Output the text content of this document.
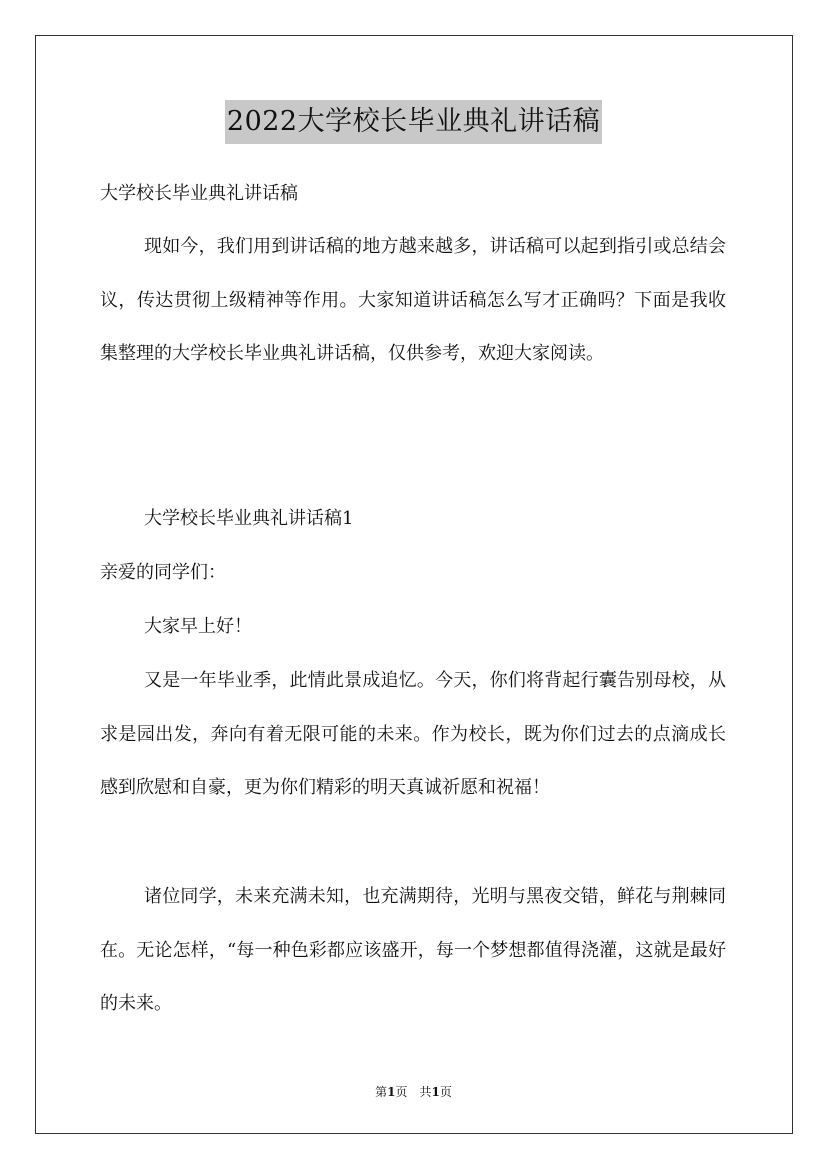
2022大学校长毕业典礼讲话稿
大学校长毕业典礼讲话稿

现如今，我们用到讲话稿的地方越来越多，讲话稿可以起到指引或总结会议，传达贯彻上级精神等作用。大家知道讲话稿怎么写才正确吗？下面是我收集整理的大学校长毕业典礼讲话稿，仅供参考，欢迎大家阅读。

大学校长毕业典礼讲话稿1
亲爱的同学们：
大家早上好！

又是一年毕业季，此情此景成追忆。今天，你们将背起行囊告别母校，从求是园出发，奔向有着无限可能的未来。作为校长，既为你们过去的点滴成长感到欣慰和自豪，更为你们精彩的明天真诚祈愿和祝福！

诸位同学，未来充满未知，也充满期待，光明与黑夜交错，鲜花与荆棘同在。无论怎样，“每一种色彩都应该盛开，每一个梦想都值得浇灌，这就是最好的未来。

第1页　共1页
